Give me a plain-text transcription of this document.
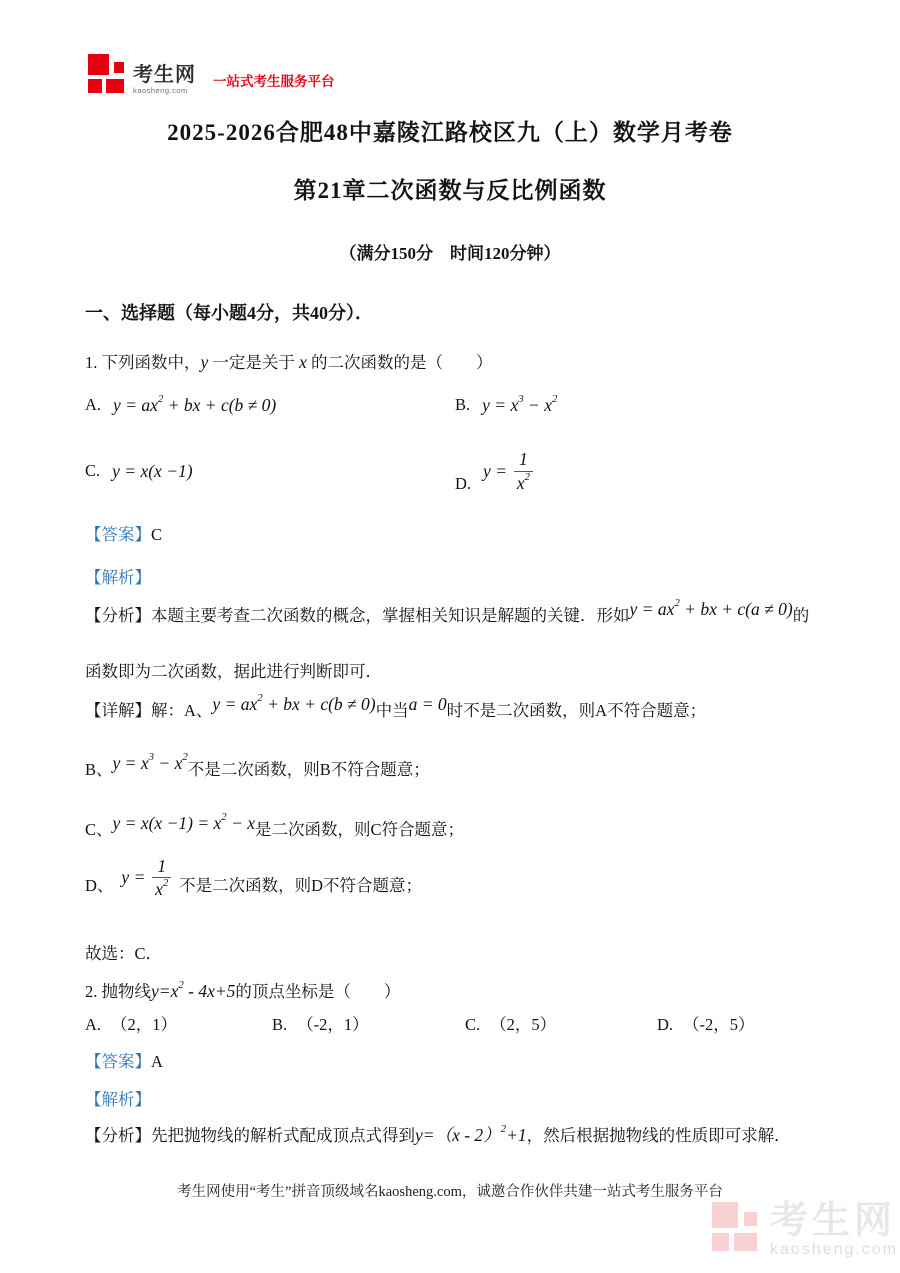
考生网
kaosheng.com
一站式考生服务平台
2025-2026合肥48中嘉陵江路校区九（上）数学月考卷
第21章二次函数与反比例函数
（满分150分　时间120分钟）
一、选择题（每小题4分，共40分）．
1. 下列函数中，y 一定是关于 x 的二次函数的是（　　）
A. $y = ax^2$ + bx + c(b ≠ 0)	B. $y = x^3 - x^2$
C. y = x(x −1)
D.
$y = \frac{1}{x^2}$
【答案】C
【解析】
【分析】本题主要考查二次函数的概念，掌握相关知识是解题的关键．形如$y = ax^2$ + bx + c(a ≠ 0)的函数即为二次函数，据此进行判断即可．
【详解】解：A、$y = ax^2$ + bx + c(b ≠ 0)中当a = 0时不是二次函数，则A不符合题意；
B、$y = x^3 - x^2$不是二次函数，则B不符合题意；
C、$y = x(x -1) = x^2 - x$是二次函数，则C符合题意；
D、 $y = \frac{1}{x^2}$ 不是二次函数，则D不符合题意；
故选：C．
2. 抛物线$y=x^2 - 4x+5$的顶点坐标是（　　）
A. （2，1）	B. （-2，1）	C. （2，5）	D. （-2，5）
【答案】A
【解析】
【分析】先把抛物线的解析式配成顶点式得到y=（x - 2）$^2$+1，然后根据抛物线的性质即可求解．
考生网使用“考生”拼音顶级域名kaosheng.com，诚邀合作伙伴共建一站式考生服务平台
考生网
kaosheng.com
